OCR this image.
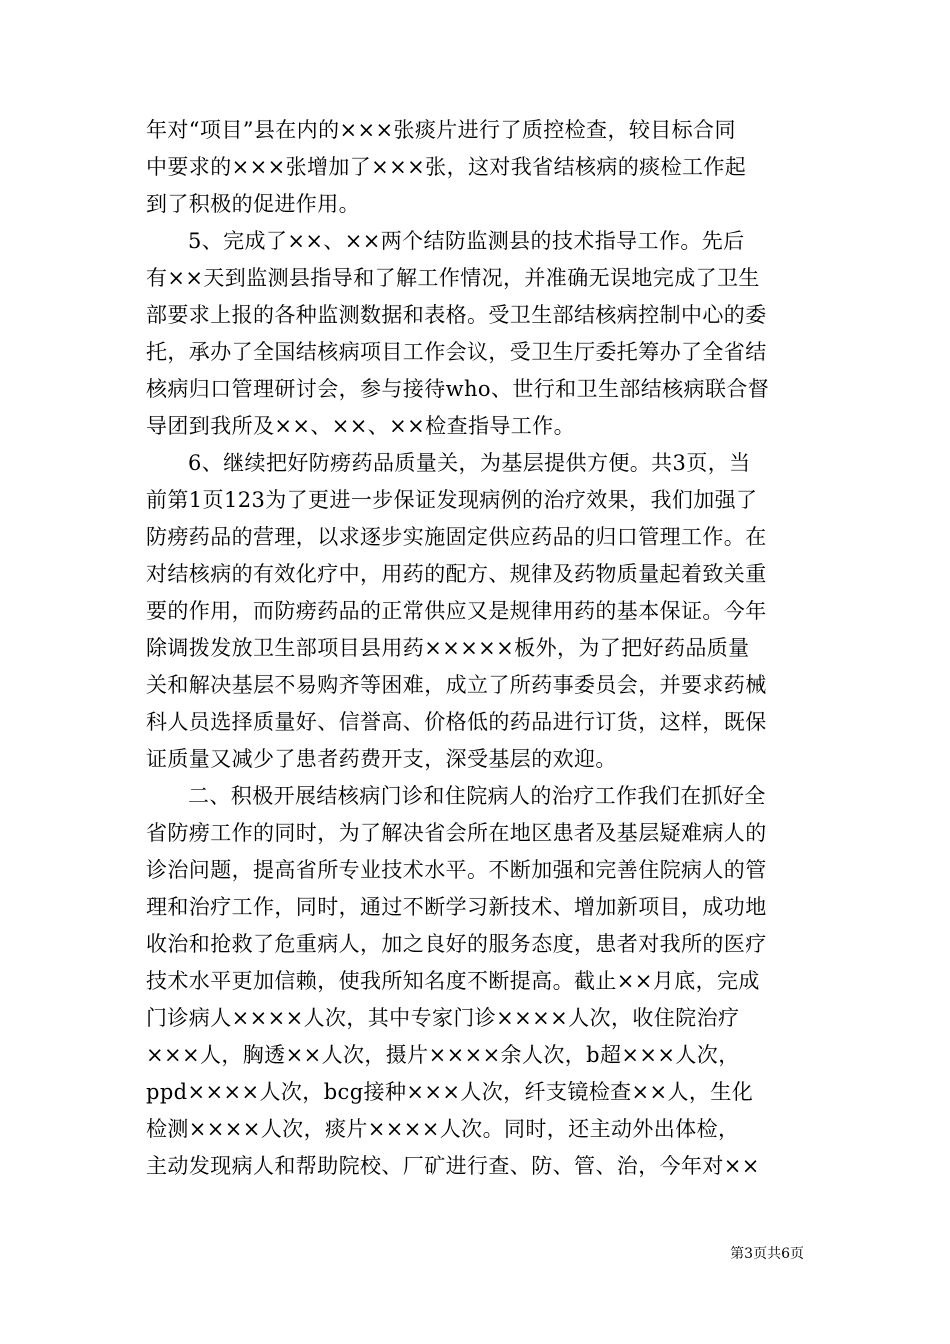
年对“项目”县在内的×××张痰片进行了质控检查，较目标合同
中要求的×××张增加了×××张，这对我省结核病的痰检工作起
到了积极的促进作用。
5、完成了××、××两个结防监测县的技术指导工作。先后
有××天到监测县指导和了解工作情况，并准确无误地完成了卫生
部要求上报的各种监测数据和表格。受卫生部结核病控制中心的委
托，承办了全国结核病项目工作会议，受卫生厅委托筹办了全省结
核病归口管理研讨会，参与接待who、世行和卫生部结核病联合督
导团到我所及××、××、××检查指导工作。
6、继续把好防痨药品质量关，为基层提供方便。共3页，当
前第1页123为了更进一步保证发现病例的治疗效果，我们加强了
防痨药品的营理，以求逐步实施固定供应药品的归口管理工作。在
对结核病的有效化疗中，用药的配方、规律及药物质量起着致关重
要的作用，而防痨药品的正常供应又是规律用药的基本保证。今年
除调拨发放卫生部项目县用药×××××板外，为了把好药品质量
关和解决基层不易购齐等困难，成立了所药事委员会，并要求药械
科人员选择质量好、信誉高、价格低的药品进行订货，这样，既保
证质量又减少了患者药费开支，深受基层的欢迎。
二、积极开展结核病门诊和住院病人的治疗工作我们在抓好全
省防痨工作的同时，为了解决省会所在地区患者及基层疑难病人的
诊治问题，提高省所专业技术水平。不断加强和完善住院病人的管
理和治疗工作，同时，通过不断学习新技术、增加新项目，成功地
收治和抢救了危重病人，加之良好的服务态度，患者对我所的医疗
技术水平更加信赖，使我所知名度不断提高。截止××月底，完成
门诊病人××××人次，其中专家门诊××××人次，收住院治疗
×××人，胸透××人次，摄片××××余人次，b超×××人次，
ppd××××人次，bcg接种×××人次，纤支镜检查××人，生化
检测××××人次，痰片××××人次。同时，还主动外出体检，
主动发现病人和帮助院校、厂矿进行查、防、管、治，今年对××
第3页共6页
